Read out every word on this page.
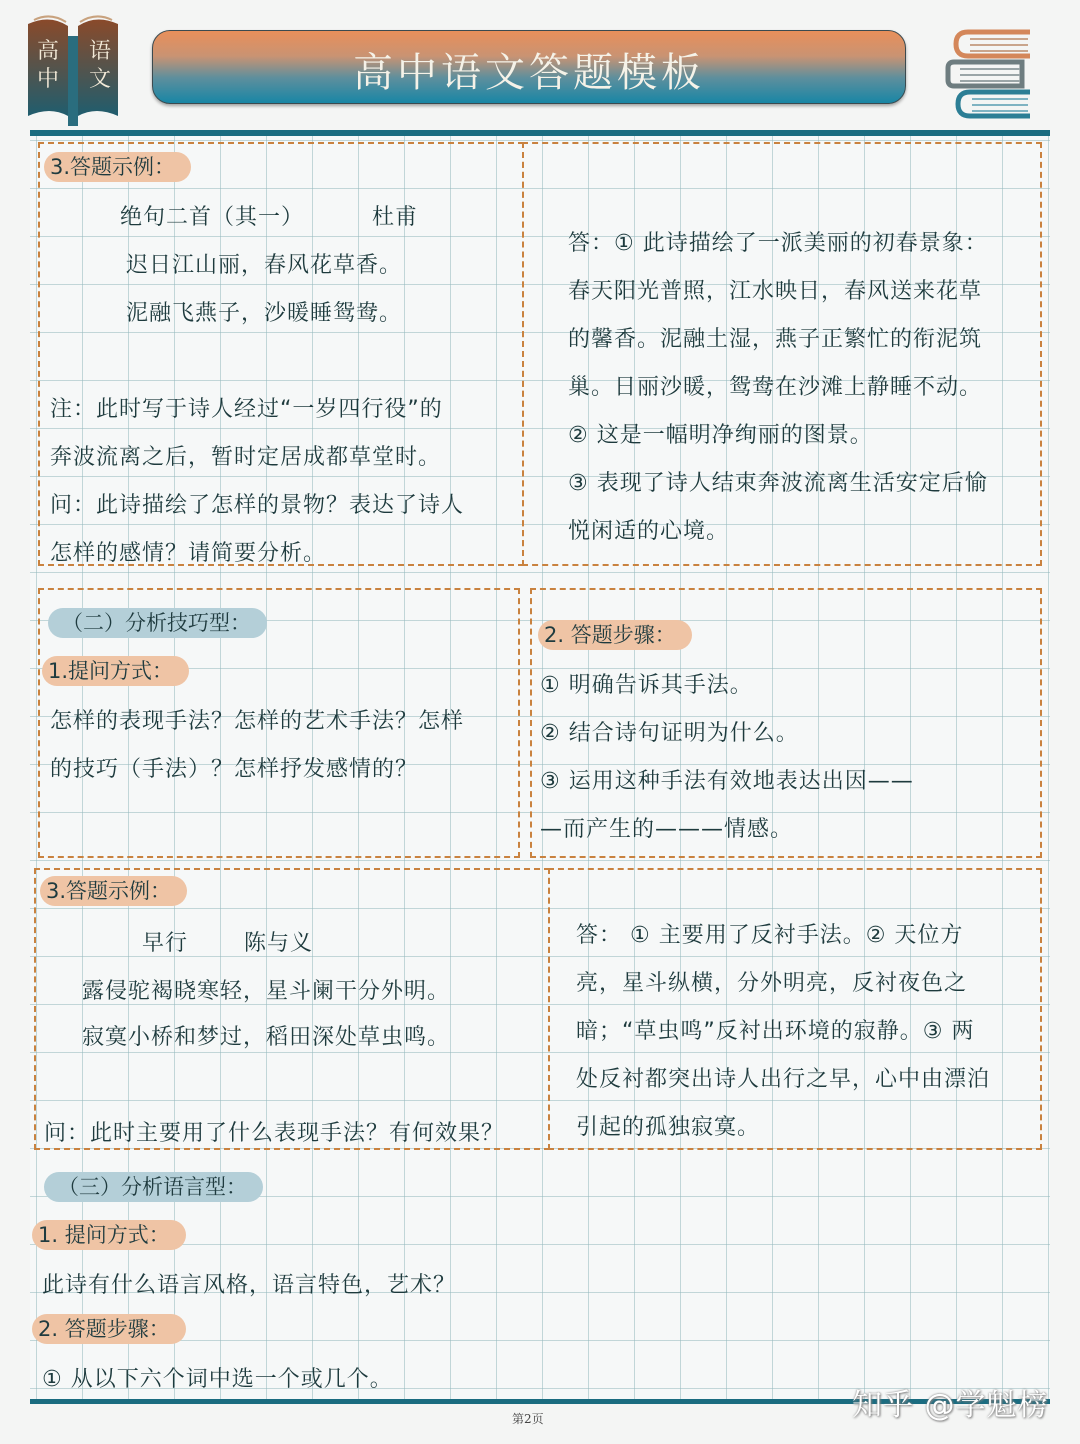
高
中
语
文	高中语文答题模板
3.答题示例：
绝句二首（其一）	杜甫
迟日江山丽，春风花草香。
泥融飞燕子，沙暖睡鸳鸯。
注：此时写于诗人经过“一岁四行役”的
奔波流离之后，暂时定居成都草堂时。
问：此诗描绘了怎样的景物？表达了诗人
怎样的感情？请简要分析。
答：① 此诗描绘了一派美丽的初春景象：
春天阳光普照，江水映日，春风送来花草
的馨香。泥融土湿，燕子正繁忙的衔泥筑
巢。日丽沙暖，鸳鸯在沙滩上静睡不动。
② 这是一幅明净绚丽的图景。
③ 表现了诗人结束奔波流离生活安定后愉
悦闲适的心境。
（二）分析技巧型：
1.提问方式：
怎样的表现手法？怎样的艺术手法？怎样
的技巧（手法）？怎样抒发感情的？
2. 答题步骤：
① 明确告诉其手法。
② 结合诗句证明为什么。
③ 运用这种手法有效地表达出因——
—而产生的———情感。
3.答题示例：
早行	陈与义
露侵驼褐晓寒轻，星斗阑干分外明。
寂寞小桥和梦过，稻田深处草虫鸣。
问：此时主要用了什么表现手法？有何效果？
答： ① 主要用了反衬手法。② 天位方
亮，星斗纵横，分外明亮，反衬夜色之
暗；“草虫鸣”反衬出环境的寂静。③ 两
处反衬都突出诗人出行之早，心中由漂泊
引起的孤独寂寞。
（三）分析语言型：
1. 提问方式：
此诗有什么语言风格，语言特色，艺术？
2. 答题步骤：
① 从以下六个词中选一个或几个。
第2页	知乎 @学魁榜
